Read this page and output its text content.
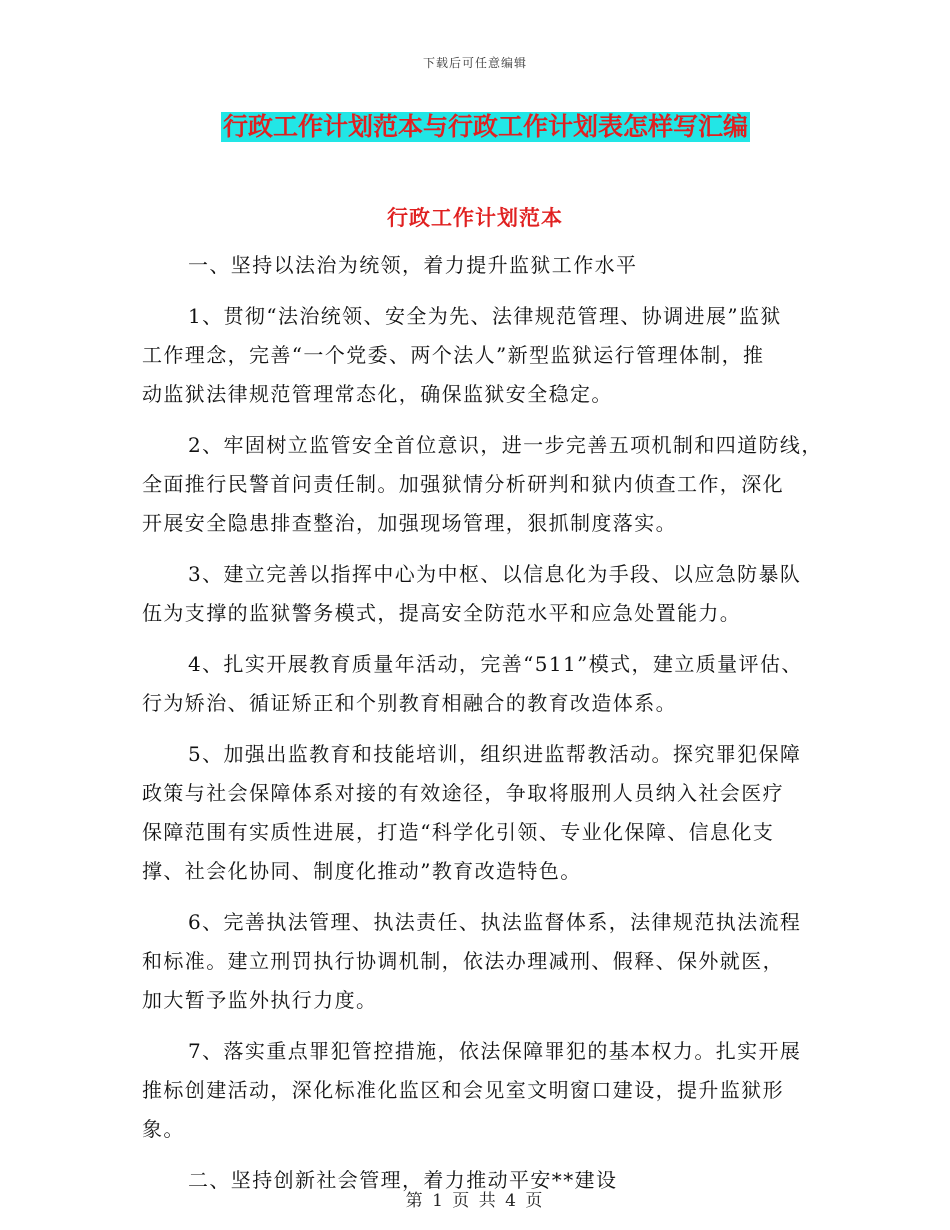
下载后可任意编辑
行政工作计划范本与行政工作计划表怎样写汇编
行政工作计划范本
一、坚持以法治为统领，着力提升监狱工作水平
1、贯彻“法治统领、安全为先、法律规范管理、协调进展”监狱
工作理念，完善“一个党委、两个法人”新型监狱运行管理体制，推
动监狱法律规范管理常态化，确保监狱安全稳定。
2、牢固树立监管安全首位意识，进一步完善五项机制和四道防线，
全面推行民警首问责任制。加强狱情分析研判和狱内侦查工作，深化
开展安全隐患排查整治，加强现场管理，狠抓制度落实。
3、建立完善以指挥中心为中枢、以信息化为手段、以应急防暴队
伍为支撑的监狱警务模式，提高安全防范水平和应急处置能力。
4、扎实开展教育质量年活动，完善“511”模式，建立质量评估、
行为矫治、循证矫正和个别教育相融合的教育改造体系。
5、加强出监教育和技能培训，组织进监帮教活动。探究罪犯保障
政策与社会保障体系对接的有效途径，争取将服刑人员纳入社会医疗
保障范围有实质性进展，打造“科学化引领、专业化保障、信息化支
撑、社会化协同、制度化推动”教育改造特色。
6、完善执法管理、执法责任、执法监督体系，法律规范执法流程
和标准。建立刑罚执行协调机制，依法办理减刑、假释、保外就医，
加大暂予监外执行力度。
7、落实重点罪犯管控措施，依法保障罪犯的基本权力。扎实开展
推标创建活动，深化标准化监区和会见室文明窗口建设，提升监狱形
象。
二、坚持创新社会管理，着力推动平安**建设
第 1 页 共 4 页
